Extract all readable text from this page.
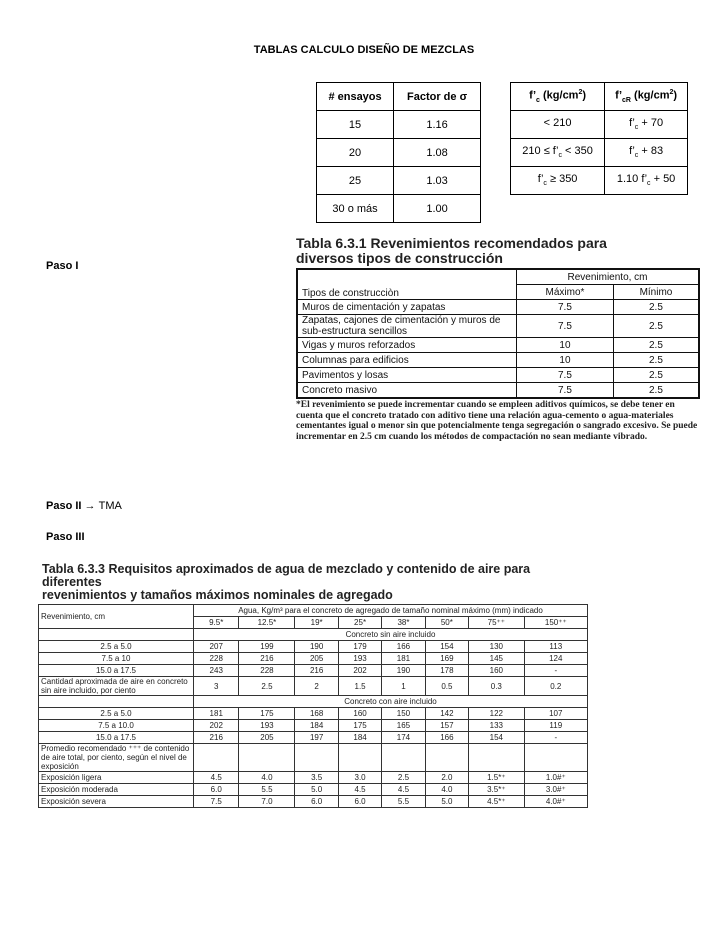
TABLAS CALCULO DISEÑO DE MEZCLAS
# ensayos	Factor de σ
15	1.16
20	1.08
25	1.03
30 o más	1.00
$f’_c$ $(kg/cm^2)$	$f’_{cR}$ $(kg/cm^2)$
< 210	$f’_c + 70$
$210 \le f’_c < 350$	$f’_c + 83$
$f’_c \ge 350$	1.10 $f’_c + 50$
Paso I
Paso II → TMA
Paso III
Tabla 6.3.1 Revenimientos recomendados para
diversos tipos de construcción
Tipos de construcciòn	Revenimiento, cm	
	Máximo*	Mínimo
Muros de cimentación y zapatas	7.5	2.5
Zapatas, cajones de cimentación y muros de sub-estructura sencillos	7.5	2.5
Vigas y muros reforzados	10	2.5
Columnas para edificios	10	2.5
Pavimentos y losas	7.5	2.5
Concreto masivo	7.5	2.5
*El revenimiento se puede incrementar cuando se empleen aditivos químicos, se debe tener en cuenta que el concreto tratado con aditivo tiene una relación agua-cemento o agua-materiales cementantes igual o menor sin que potencialmente tenga segregación o sangrado excesivo. Se puede incrementar en 2.5 cm cuando los métodos de compactación no sean mediante vibrado.
Tabla 6.3.3 Requisitos aproximados de agua de mezclado y contenido de aire para diferentes
revenimientos y tamaños máximos nominales de agregado
Revenimiento, cm	Agua, Kg/m³ para el concreto de agregado de tamaño nominal máximo (mm) indicado							
	9.5*	12.5*	19*	25*	38*	50*	75⁺⁺	150⁺⁺
	Concreto sin aire incluido							
2.5 a 5.0	207	199	190	179	166	154	130	113
7.5 a 10	228	216	205	193	181	169	145	124
15.0 a 17.5	243	228	216	202	190	178	160	-
Cantidad aproximada de aire en concreto sin aire incluido, por ciento	3	2.5	2	1.5	1	0.5	0.3	0.2
	Concreto con aire incluido							
2.5 a 5.0	181	175	168	160	150	142	122	107
7.5 a 10.0	202	193	184	175	165	157	133	119
15.0 a 17.5	216	205	197	184	174	166	154	-
Promedio recomendado ⁺⁺⁺ de contenido de aire total, por ciento, según el nivel de exposición								
Exposición ligera	4.5	4.0	3.5	3.0	2.5	2.0	1.5*⁺	1.0#⁺
Exposición moderada	6.0	5.5	5.0	4.5	4.5	4.0	3.5*⁺	3.0#⁺
Exposición severa	7.5	7.0	6.0	6.0	5.5	5.0	4.5*⁺	4.0#⁺
